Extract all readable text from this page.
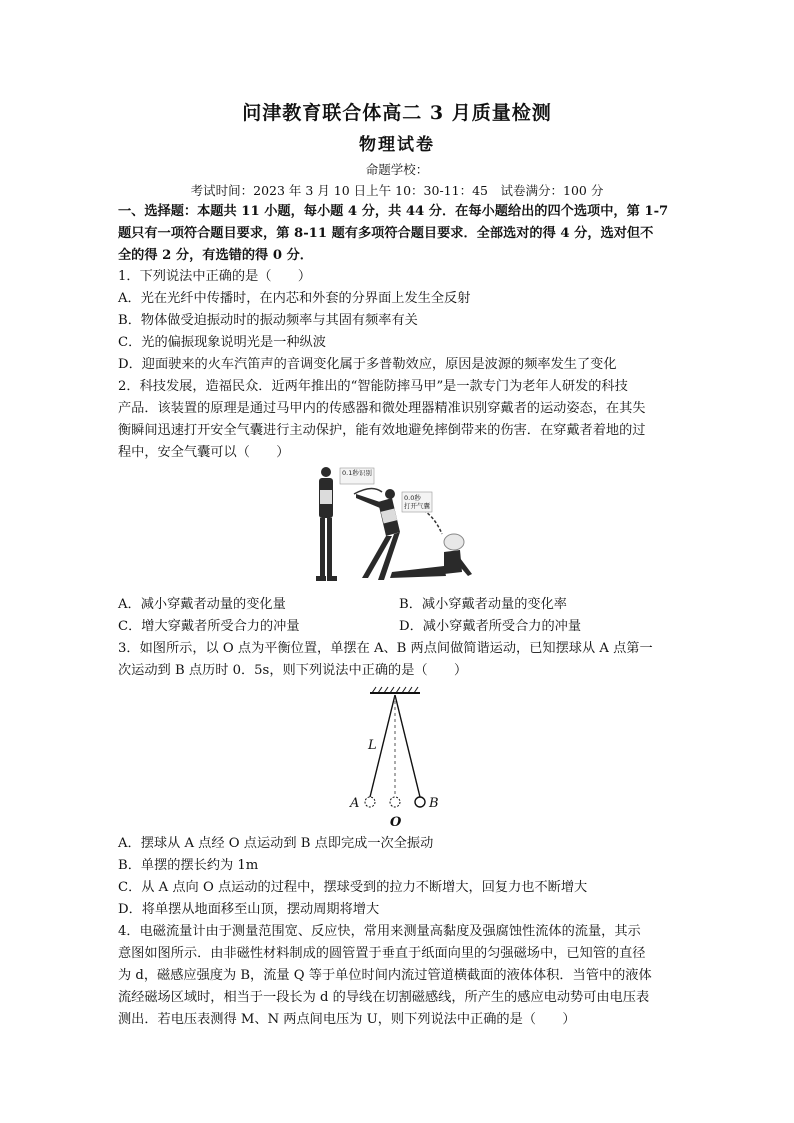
问津教育联合体高二 3 月质量检测
物理试卷
命题学校：
考试时间：2023 年 3 月 10 日上午 10：30-11：45　试卷满分：100 分
一、选择题：本题共 11 小题，每小题 4 分，共 44 分．在每小题给出的四个选项中，第 1-7
题只有一项符合题目要求，第 8-11 题有多项符合题目要求．全部选对的得 4 分，选对但不
全的得 2 分，有选错的得 0 分．
1．下列说法中正确的是（　　）
A．光在光纤中传播时，在内芯和外套的分界面上发生全反射
B．物体做受迫振动时的振动频率与其固有频率有关
C．光的偏振现象说明光是一种纵波
D．迎面驶来的火车汽笛声的音调变化属于多普勒效应，原因是波源的频率发生了变化
2．科技发展，造福民众．近两年推出的“智能防摔马甲”是一款专门为老年人研发的科技
产品．该装置的原理是通过马甲内的传感器和微处理器精准识别穿戴者的运动姿态，在其失
衡瞬间迅速打开安全气囊进行主动保护，能有效地避免摔倒带来的伤害．在穿戴者着地的过
程中，安全气囊可以（　　）
0.1秒识别
0.0秒
打开气囊
A．减小穿戴者动量的变化量	B．减小穿戴者动量的变化率
C．增大穿戴者所受合力的冲量	D．减小穿戴者所受合力的冲量
3．如图所示，以 O 点为平衡位置，单摆在 A、B 两点间做简谐运动，已知摆球从 A 点第一
次运动到 B 点历时 0．5s，则下列说法中正确的是（　　）
L
A
O
B
A．摆球从 A 点经 O 点运动到 B 点即完成一次全振动
B．单摆的摆长约为 1m
C．从 A 点向 O 点运动的过程中，摆球受到的拉力不断增大，回复力也不断增大
D．将单摆从地面移至山顶，摆动周期将增大
4．电磁流量计由于测量范围宽、反应快，常用来测量高黏度及强腐蚀性流体的流量，其示
意图如图所示．由非磁性材料制成的圆管置于垂直于纸面向里的匀强磁场中，已知管的直径
为 d，磁感应强度为 B，流量 Q 等于单位时间内流过管道横截面的液体体积．当管中的液体
流经磁场区域时，相当于一段长为 d 的导线在切割磁感线，所产生的感应电动势可由电压表
测出．若电压表测得 M、N 两点间电压为 U，则下列说法中正确的是（　　）
